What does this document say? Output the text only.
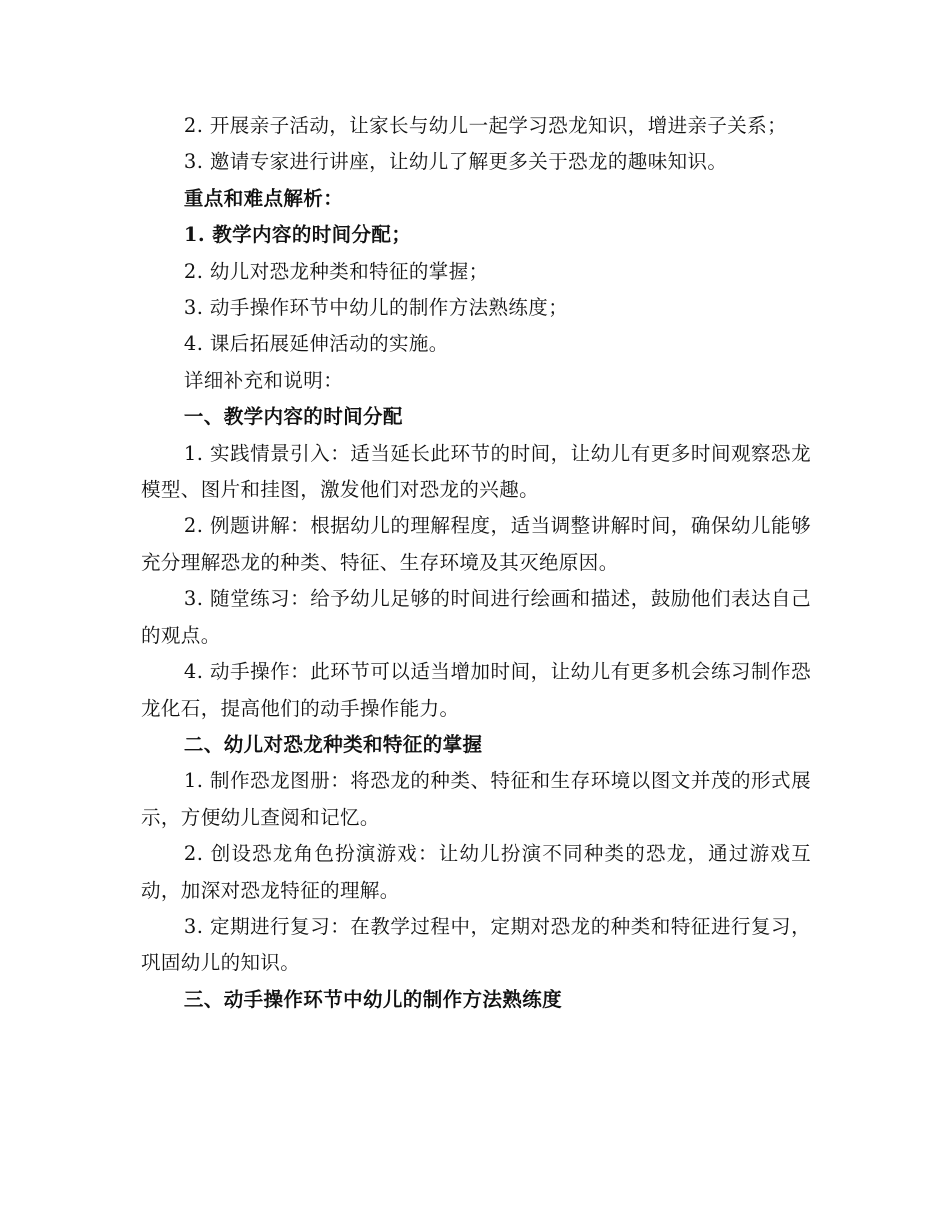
2. 开展亲子活动，让家长与幼儿一起学习恐龙知识，增进亲子关系；

3. 邀请专家进行讲座，让幼儿了解更多关于恐龙的趣味知识。

重点和难点解析：

1. 教学内容的时间分配；

2. 幼儿对恐龙种类和特征的掌握；

3. 动手操作环节中幼儿的制作方法熟练度；

4. 课后拓展延伸活动的实施。

详细补充和说明：

一、教学内容的时间分配

1. 实践情景引入：适当延长此环节的时间，让幼儿有更多时间观察恐龙模型、图片和挂图，激发他们对恐龙的兴趣。

2. 例题讲解：根据幼儿的理解程度，适当调整讲解时间，确保幼儿能够充分理解恐龙的种类、特征、生存环境及其灭绝原因。

3. 随堂练习：给予幼儿足够的时间进行绘画和描述，鼓励他们表达自己的观点。

4. 动手操作：此环节可以适当增加时间，让幼儿有更多机会练习制作恐龙化石，提高他们的动手操作能力。

二、幼儿对恐龙种类和特征的掌握

1. 制作恐龙图册：将恐龙的种类、特征和生存环境以图文并茂的形式展示，方便幼儿查阅和记忆。

2. 创设恐龙角色扮演游戏：让幼儿扮演不同种类的恐龙，通过游戏互动，加深对恐龙特征的理解。

3. 定期进行复习：在教学过程中，定期对恐龙的种类和特征进行复习，巩固幼儿的知识。

三、动手操作环节中幼儿的制作方法熟练度
